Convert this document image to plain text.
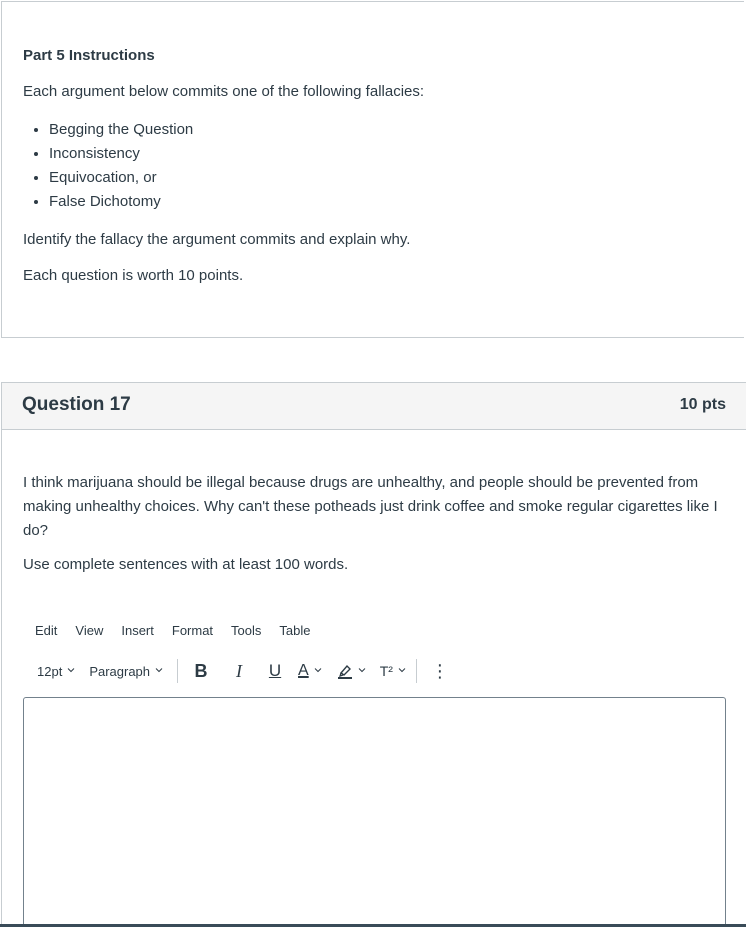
Part 5 Instructions

Each argument below commits one of the following fallacies:

• Begging the Question
• Inconsistency
• Equivocation, or
• False Dichotomy

Identify the fallacy the argument commits and explain why.

Each question is worth 10 points.

Question 17	10 pts

I think marijuana should be illegal because drugs are unhealthy, and people should be prevented from making unhealthy choices. Why can't these potheads just drink coffee and smoke regular cigarettes like I do?

Use complete sentences with at least 100 words.

Edit	View	Insert	Format	Tools	Table
12pt Paragraph B I U A	T² ⋮
